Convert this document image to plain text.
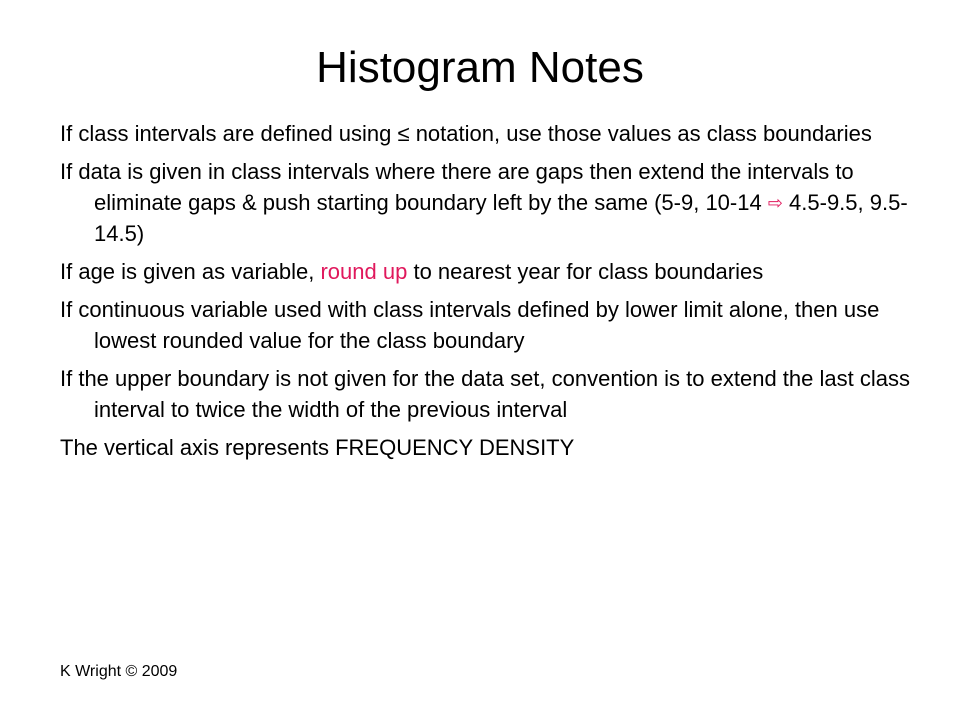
Histogram Notes
If class intervals are defined using ≤ notation, use those values as class boundaries
If data is given in class intervals where there are gaps then extend the intervals to eliminate gaps & push starting boundary left by the same (5-9, 10-14 ⇨ 4.5-9.5, 9.5-14.5)
If age is given as variable, round up to nearest year for class boundaries
If continuous variable used with class intervals defined by lower limit alone, then use lowest rounded value for the class boundary
If the upper boundary is not given for the data set, convention is to extend the last class interval to twice the width of the previous interval
The vertical axis represents FREQUENCY DENSITY
K Wright © 2009
